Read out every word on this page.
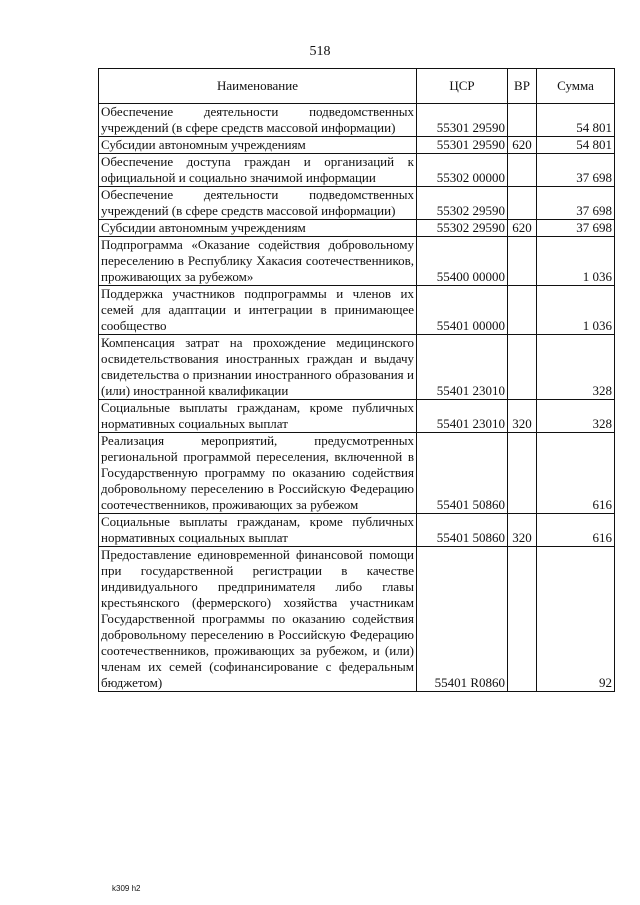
518
Наименование	ЦСР	ВР	Сумма
Обеспечение деятельности подведомственных учреждений (в сфере средств массовой информации)	55301 29590		54 801
Субсидии автономным учреждениям	55301 29590	620	54 801
Обеспечение доступа граждан и организаций к официальной и социально значимой информации	55302 00000		37 698
Обеспечение деятельности подведомственных учреждений (в сфере средств массовой информации)	55302 29590		37 698
Субсидии автономным учреждениям	55302 29590	620	37 698
Подпрограмма «Оказание содействия добровольному переселению в Республику Хакасия соотечественников, проживающих за рубежом»	55400 00000		1 036
Поддержка участников подпрограммы и членов их семей для адаптации и интеграции в принимающее сообщество	55401 00000		1 036
Компенсация затрат на прохождение медицинского освидетельствования иностранных граждан и выдачу свидетельства о признании иностранного образования и (или) иностранной квалификации	55401 23010		328
Социальные выплаты гражданам, кроме публичных нормативных социальных выплат	55401 23010	320	328
Реализация мероприятий, предусмотренных региональной программой переселения, включенной в Государственную программу по оказанию содействия добровольному переселению в Российскую Федерацию соотечественников, проживающих за рубежом	55401 50860		616
Социальные выплаты гражданам, кроме публичных нормативных социальных выплат	55401 50860	320	616
Предоставление единовременной финансовой помощи при государственной регистрации в качестве индивидуального предпринимателя либо главы крестьянского (фермерского) хозяйства участникам Государственной программы по оказанию содействия добровольному переселению в Российскую Федерацию соотечественников, проживающих за рубежом, и (или) членам их семей (софинансирование с федеральным бюджетом)	55401 R0860		92
k309 h2
